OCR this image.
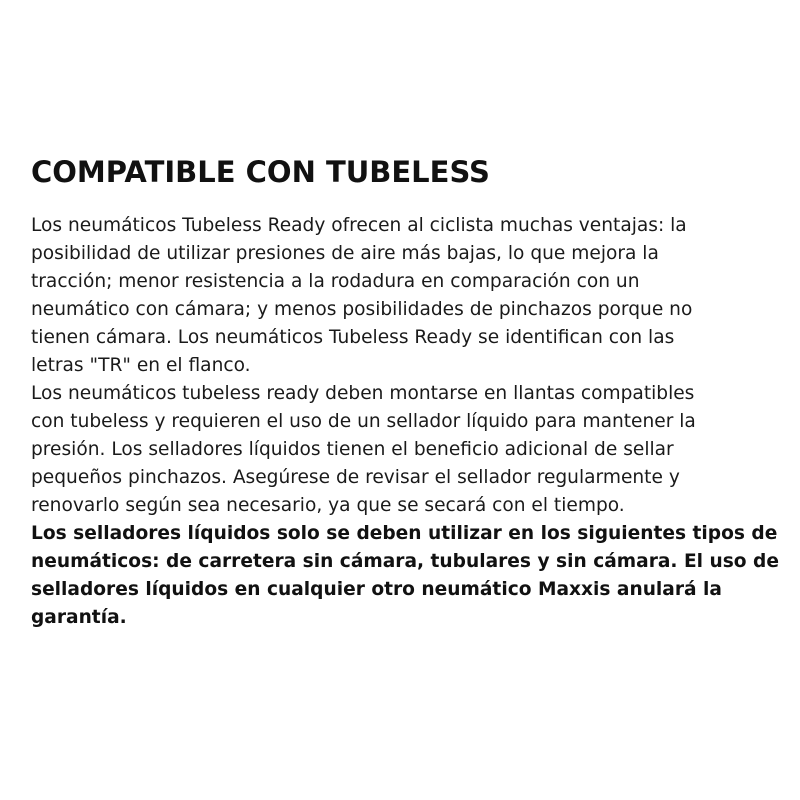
COMPATIBLE CON TUBELESS
Los neumáticos Tubeless Ready ofrecen al ciclista muchas ventajas: la
posibilidad de utilizar presiones de aire más bajas, lo que mejora la
tracción; menor resistencia a la rodadura en comparación con un
neumático con cámara; y menos posibilidades de pinchazos porque no
tienen cámara. Los neumáticos Tubeless Ready se identifican con las
letras "TR" en el flanco.
Los neumáticos tubeless ready deben montarse en llantas compatibles
con tubeless y requieren el uso de un sellador líquido para mantener la
presión. Los selladores líquidos tienen el beneficio adicional de sellar
pequeños pinchazos. Asegúrese de revisar el sellador regularmente y
renovarlo según sea necesario, ya que se secará con el tiempo.
Los selladores líquidos solo se deben utilizar en los siguientes tipos de
neumáticos: de carretera sin cámara, tubulares y sin cámara. El uso de
selladores líquidos en cualquier otro neumático Maxxis anulará la
garantía.
